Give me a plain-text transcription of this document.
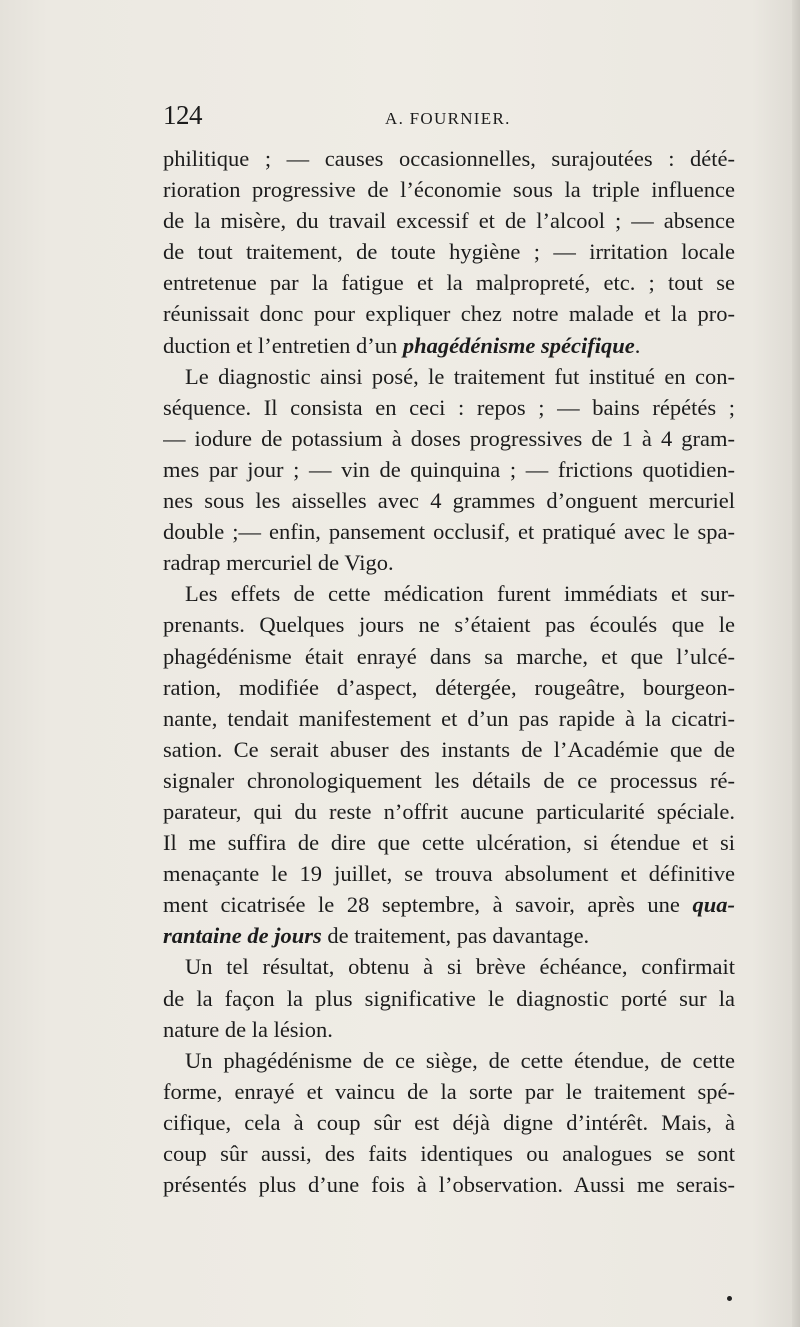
124	A. FOURNIER.
philitique ; — causes occasionnelles, surajoutées : dété-
rioration progressive de l’économie sous la triple influence
de la misère, du travail excessif et de l’alcool ; — absence
de tout traitement, de toute hygiène ; — irritation locale
entretenue par la fatigue et la malpropreté, etc. ; tout se
réunissait donc pour expliquer chez notre malade et la pro-
duction et l’entretien d’un phagédénisme spécifique.
Le diagnostic ainsi posé, le traitement fut institué en con-
séquence. Il consista en ceci : repos ; — bains répétés ;
— iodure de potassium à doses progressives de 1 à 4 gram-
mes par jour ; — vin de quinquina ; — frictions quotidien-
nes sous les aisselles avec 4 grammes d’onguent mercuriel
double ;— enfin, pansement occlusif, et pratiqué avec le spa-
radrap mercuriel de Vigo.
Les effets de cette médication furent immédiats et sur-
prenants. Quelques jours ne s’étaient pas écoulés que le
phagédénisme était enrayé dans sa marche, et que l’ulcé-
ration, modifiée d’aspect, détergée, rougeâtre, bourgeon-
nante, tendait manifestement et d’un pas rapide à la cicatri-
sation. Ce serait abuser des instants de l’Académie que de
signaler chronologiquement les détails de ce processus ré-
parateur, qui du reste n’offrit aucune particularité spéciale.
Il me suffira de dire que cette ulcération, si étendue et si
menaçante le 19 juillet, se trouva absolument et définitive
ment cicatrisée le 28 septembre, à savoir, après une qua-
rantaine de jours de traitement, pas davantage.
Un tel résultat, obtenu à si brève échéance, confirmait
de la façon la plus significative le diagnostic porté sur la
nature de la lésion.
Un phagédénisme de ce siège, de cette étendue, de cette
forme, enrayé et vaincu de la sorte par le traitement spé-
cifique, cela à coup sûr est déjà digne d’intérêt. Mais, à
coup sûr aussi, des faits identiques ou analogues se sont
présentés plus d’une fois à l’observation. Aussi me serais-
